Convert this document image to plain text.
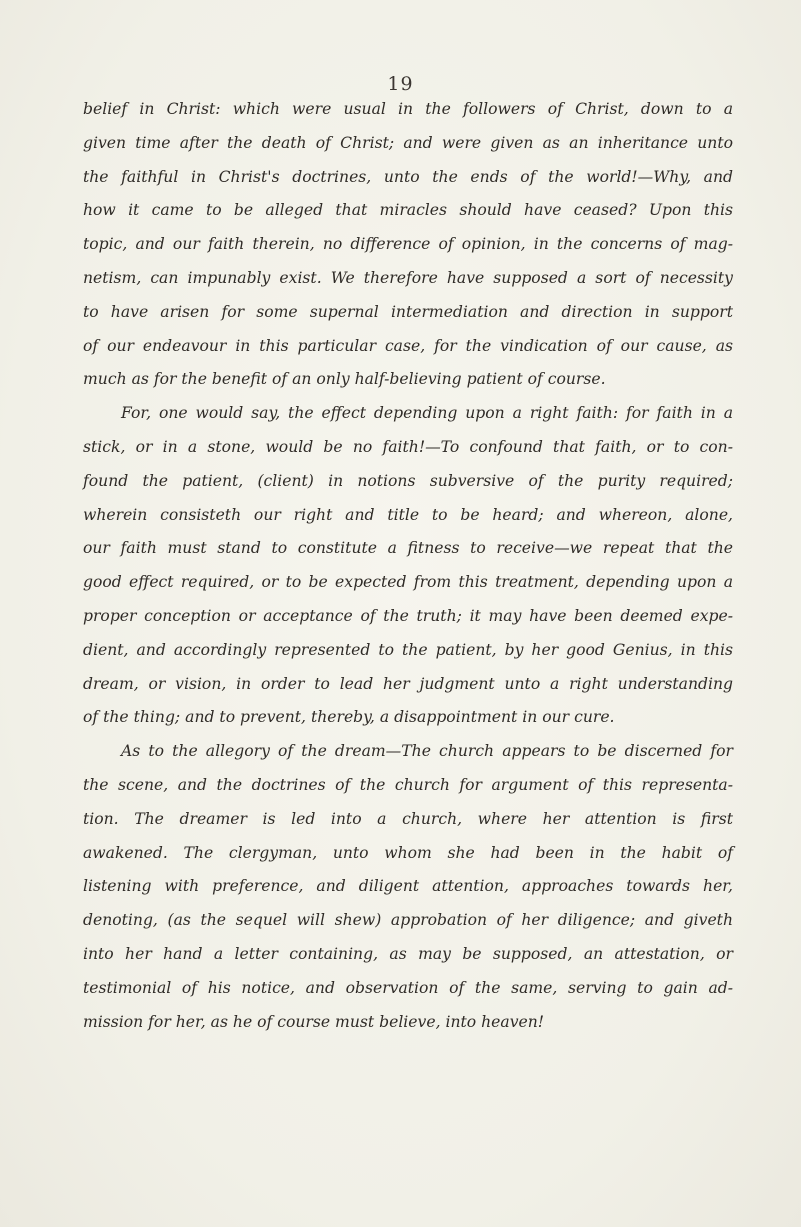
19
belief in Christ: which were usual in the followers of Christ, down to a
given time after the death of Christ; and were given as an inheritance unto
the faithful in Christ's doctrines, unto the ends of the world!—Why, and
how it came to be alleged that miracles should have ceased? Upon this
topic, and our faith therein, no difference of opinion, in the concerns of mag-
netism, can impunably exist. We therefore have supposed a sort of necessity
to have arisen for some supernal intermediation and direction in support
of our endeavour in this particular case, for the vindication of our cause, as
much as for the benefit of an only half-believing patient of course.
For, one would say, the effect depending upon a right faith: for faith in a
stick, or in a stone, would be no faith!—To confound that faith, or to con-
found the patient, (client) in notions subversive of the purity required;
wherein consisteth our right and title to be heard; and whereon, alone,
our faith must stand to constitute a fitness to receive—we repeat that the
good effect required, or to be expected from this treatment, depending upon a
proper conception or acceptance of the truth; it may have been deemed expe-
dient, and accordingly represented to the patient, by her good Genius, in this
dream, or vision, in order to lead her judgment unto a right understanding
of the thing; and to prevent, thereby, a disappointment in our cure.
As to the allegory of the dream—The church appears to be discerned for
the scene, and the doctrines of the church for argument of this representa-
tion. The dreamer is led into a church, where her attention is first
awakened. The clergyman, unto whom she had been in the habit of
listening with preference, and diligent attention, approaches towards her,
denoting, (as the sequel will shew) approbation of her diligence; and giveth
into her hand a letter containing, as may be supposed, an attestation, or
testimonial of his notice, and observation of the same, serving to gain ad-
mission for her, as he of course must believe, into heaven!
